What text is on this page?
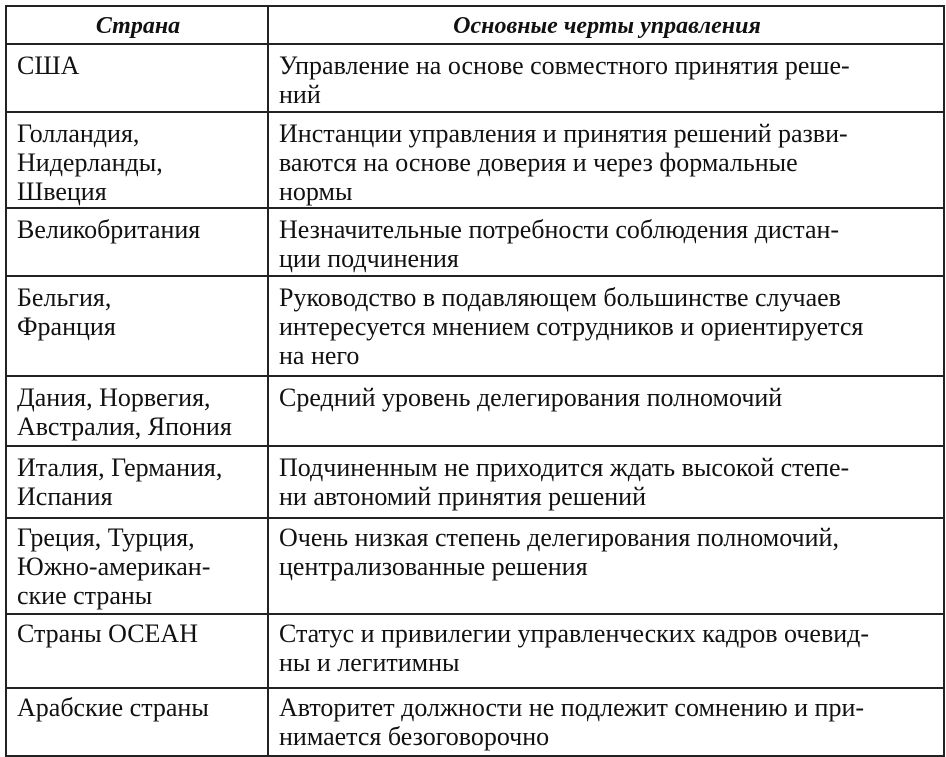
Страна	Основные черты управления
США	Управление на основе совместного принятия реше-
ний
Голландия,
Нидерланды,
Швеция	Инстанции управления и принятия решений разви-
ваются на основе доверия и через формальные
нормы
Великобритания	Незначительные потребности соблюдения дистан-
ции подчинения
Бельгия,
Франция	Руководство в подавляющем большинстве случаев
интересуется мнением сотрудников и ориентируется
на него
Дания, Норвегия,
Австралия, Япония	Средний уровень делегирования полномочий
Италия, Германия,
Испания	Подчиненным не приходится ждать высокой степе-
ни автономий принятия решений
Греция, Турция,
Южно-американ-
ские страны	Очень низкая степень делегирования полномочий,
централизованные решения
Страны ОСЕАН	Статус и привилегии управленческих кадров очевид-
ны и легитимны
Арабские страны	Авторитет должности не подлежит сомнению и при-
нимается безоговорочно
